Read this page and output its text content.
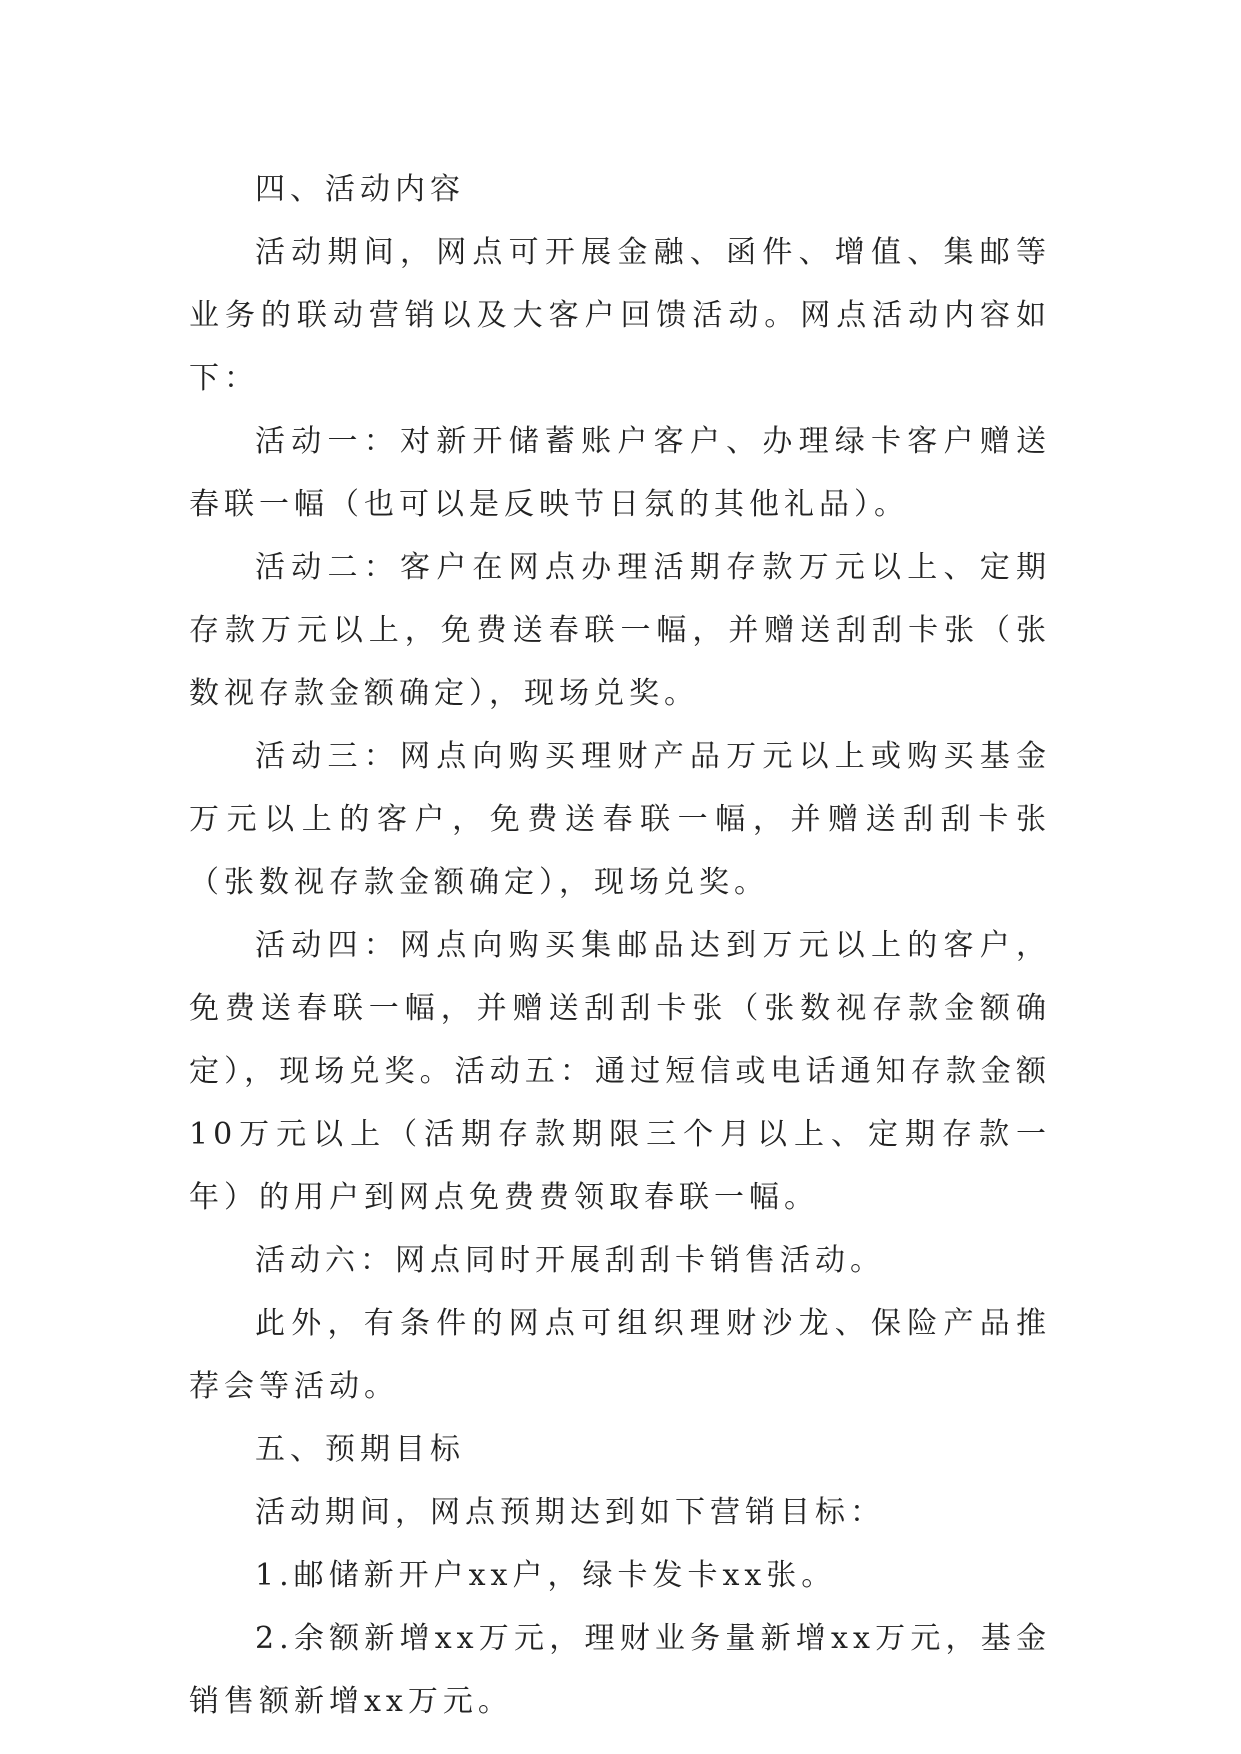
四、活动内容

活动期间，网点可开展金融、函件、增值、集邮等业务的联动营销以及大客户回馈活动。网点活动内容如下：

活动一：对新开储蓄账户客户、办理绿卡客户赠送春联一幅（也可以是反映节日氛的其他礼品）。

活动二：客户在网点办理活期存款万元以上、定期存款万元以上，免费送春联一幅，并赠送刮刮卡张（张数视存款金额确定），现场兑奖。

活动三：网点向购买理财产品万元以上或购买基金万元以上的客户，免费送春联一幅，并赠送刮刮卡张（张数视存款金额确定），现场兑奖。

活动四：网点向购买集邮品达到万元以上的客户，免费送春联一幅，并赠送刮刮卡张（张数视存款金额确定），现场兑奖。活动五：通过短信或电话通知存款金额10万元以上（活期存款期限三个月以上、定期存款一年）的用户到网点免费费领取春联一幅。

活动六：网点同时开展刮刮卡销售活动。

此外，有条件的网点可组织理财沙龙、保险产品推荐会等活动。

五、预期目标

活动期间，网点预期达到如下营销目标：

1.邮储新开户xx户，绿卡发卡xx张。

2.余额新增xx万元，理财业务量新增xx万元，基金销售额新增xx万元。
